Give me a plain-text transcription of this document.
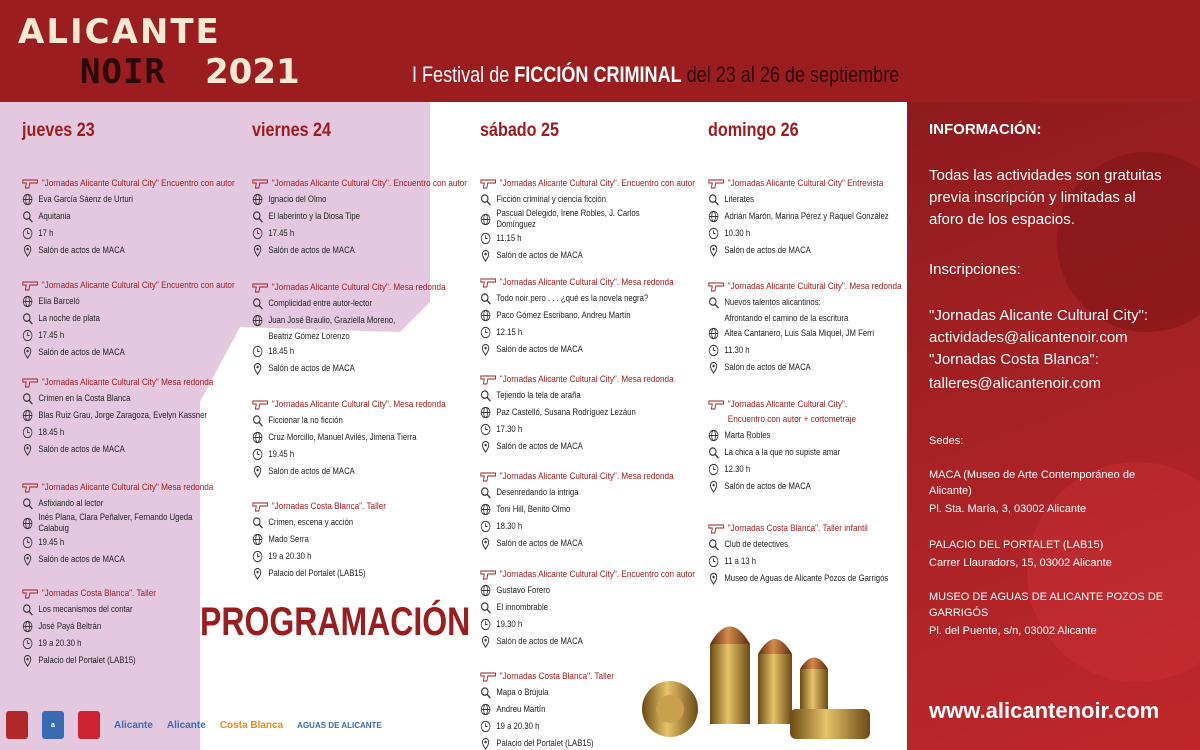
ALICANTE
NOIR 2021	I Festival de FICCIÓN CRIMINAL del 23 al 26 de septiembre
jueves 23
"Jornadas Alicante Cultural City" Encuentro con autor
Eva García Sáenz de Urturi
Aquitania
17 h
Salón de actos de MACA
"Jornadas Alicante Cultural City" Encuentro con autor
Elia Barceló
La noche de plata
17.45 h
Salón de actos de MACA
"Jornadas Alicante Cultural City" Mesa redonda
Crimen en la Costa Blanca
Blas Ruiz Grau, Jorge Zaragoza, Evelyn Kassner
18.45 h
Salón de actos de MACA
"Jornadas Alicante Cultural City" Mesa redonda
Asfixiando al lector
Inés Plana, Clara Peñalver, Fernando Ugeda Calabuig
19.45 h
Salón de actos de MACA
"Jornadas Costa Blanca". Taller
Los mecanismos del contar
José Payá Beltrán
19 a 20.30 h
Palacio del Portalet (LAB15)
viernes 24
"Jornadas Alicante Cultural City". Encuentro con autor
Ignacio del Olmo
El laberinto y la Diosa Tipe
17.45 h
Salón de actos de MACA
"Jornadas Alicante Cultural City". Mesa redonda
Complicidad entre autor-lector
Juan José Braulio, Graziella Moreno,
Beatriz Gómez Lorenzo
18.45 h
Salón de actos de MACA
"Jornadas Alicante Cultural City". Mesa redonda
Ficcionar la no ficción
Cruz Morcillo, Manuel Avilés, Jimena Tierra
19.45 h
Salón de actos de MACA
"Jornadas Costa Blanca". Taller
Crimen, escena y acción
Mado Serra
19 a 20.30 h
Palacio del Portalet (LAB15)
sábado 25
"Jornadas Alicante Cultural City". Encuentro con autor
Ficción criminal y ciencia ficción
Pascual Delegido, Irene Robles, J. Carlos Domínguez
11.15 h
Salón de actos de MACA
"Jornadas Alicante Cultural City". Mesa redonda
Todo noir pero . . . ¿qué es la novela negra?
Paco Gómez Escribano, Andreu Martín
12.15 h
Salón de actos de MACA
"Jornadas Alicante Cultural City". Mesa redonda
Tejiendo la tela de araña
Paz Castelló, Susana Rodríguez Lezáun
17.30 h
Salón de actos de MACA
"Jornadas Alicante Cultural City". Mesa redonda
Desenredando la intriga
Toni Hill, Benito Olmo
18.30 h
Salón de actos de MACA
"Jornadas Alicante Cultural City". Encuentro con autor
Gustavo Forero
El innombrable
19.30 h
Salón de actos de MACA
"Jornadas Costa Blanca". Taller
Mapa o Brújula
Andreu Martín
19 a 20.30 h
Palacio del Portalet (LAB15)
domingo 26
"Jornadas Alicante Cultural City" Entrevista
Literates
Adrián Marón, Marina Pérez y Raquel González
10.30 h
Salón de actos de MACA
"Jornadas Alicante Cultural City". Mesa redonda
Nuevos talentos alicantinos:
Afrontando el camino de la escritura
Altea Cantanero, Luis Sala Miquel, JM Ferri
11.30 h
Salón de actos de MACA
"Jornadas Alicante Cultural City".
Encuentro con autor + cortometraje
Marta Robles
La chica a la que no supiste amar
12.30 h
Salón de actos de MACA
"Jornadas Costa Blanca". Taller infantil
Club de detectives
11 a 13 h
Museo de Aguas de Alicante Pozos de Garrigós
PROGRAMACIÓN
a	Alicante Alicante Costa Blanca AGUAS DE ALICANTE
INFORMACIÓN:
Todas las actividades son gratuitas
previa inscripción y limitadas al
aforo de los espacios.
Inscripciones:
"Jornadas Alicante Cultural City":
actividades@alicantenoir.com
"Jornadas Costa Blanca":
talleres@alicantenoir.com
Sedes:
MACA (Museo de Arte Contemporáneo de
Alicante)
Pl. Sta. María, 3, 03002 Alicante
PALACIO DEL PORTALET (LAB15)
Carrer Llauradors, 15, 03002 Alicante
MUSEO DE AGUAS DE ALICANTE POZOS DE
GARRIGÓS
Pl. del Puente, s/n, 03002 Alicante
www.alicantenoir.com
